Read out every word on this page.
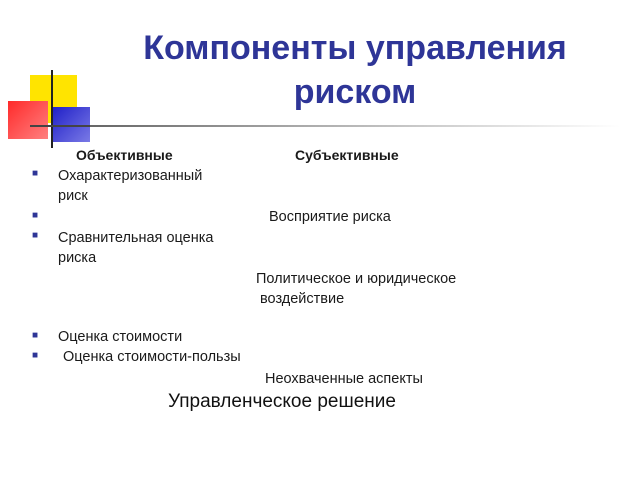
Компоненты управления
риском
Объективные	Субъективные
■ Охарактеризованный
риск
■	Восприятие риска
■ Сравнительная оценка
риска
Политическое и юридическое
воздействие
■ Оценка стоимости
■ Оценка стоимости-пользы
Неохваченные аспекты
Управленческое решение
